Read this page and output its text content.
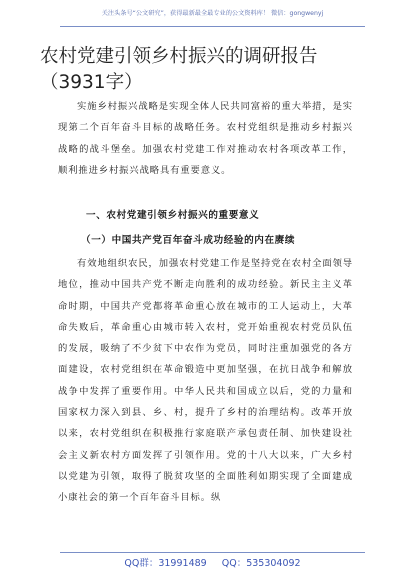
关注头条号“公文研究”，获得最新最全最专业的公文资料库！ 微信：gongwenyj
农村党建引领乡村振兴的调研报告（3931字）

实施乡村振兴战略是实现全体人民共同富裕的重大举措，是实现第二个百年奋斗目标的战略任务。农村党组织是推动乡村振兴战略的战斗堡垒。加强农村党建工作对推动农村各项改革工作，顺利推进乡村振兴战略具有重要意义。

一、农村党建引领乡村振兴的重要意义
（一）中国共产党百年奋斗成功经验的内在赓续

有效地组织农民，加强农村党建工作是坚持党在农村全面领导地位，推动中国共产党不断走向胜利的成功经验。新民主主义革命时期，中国共产党都将革命重心放在城市的工人运动上，大革命失败后，革命重心由城市转入农村，党开始重视农村党员队伍的发展，吸纳了不少贫下中农作为党员，同时注重加强党的各方面建设，农村党组织在革命锻造中更加坚强，在抗日战争和解放战争中发挥了重要作用。中华人民共和国成立以后，党的力量和国家权力深入到县、乡、村，提升了乡村的治理结构。改革开放以来，农村党组织在积极推行家庭联产承包责任制、加快建设社会主义新农村方面发挥了引领作用。党的十八大以来，广大乡村以党建为引领，取得了脱贫攻坚的全面胜利如期实现了全面建成小康社会的第一个百年奋斗目标。纵

QQ群：31991489 QQ：535304092
